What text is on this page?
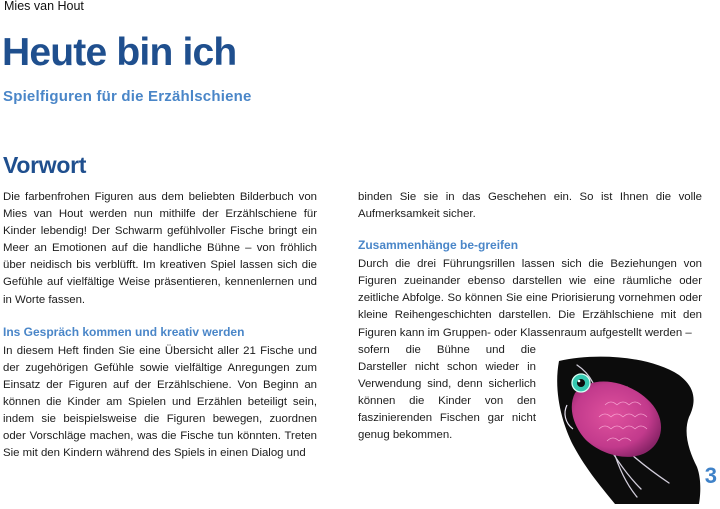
Mies van Hout
Heute bin ich
Spielfiguren für die Erzählschiene
Vorwort

Die farbenfrohen Figuren aus dem beliebten Bilderbuch von Mies van Hout werden nun mithilfe der Erzählschiene für Kinder lebendig! Der Schwarm gefühlvoller Fische bringt ein Meer an Emotionen auf die handliche Bühne – von fröhlich über neidisch bis verblüfft. Im kreativen Spiel lassen sich die Gefühle auf vielfältige Weise präsentieren, kennenlernen und in Worte fassen.

Ins Gespräch kommen und kreativ werden

In diesem Heft finden Sie eine Übersicht aller 21 Fische und der zugehörigen Gefühle sowie vielfältige Anregungen zum Einsatz der Figuren auf der Erzählschiene. Von Beginn an können die Kinder am Spielen und Erzählen beteiligt sein, indem sie beispielsweise die Figuren bewegen, zuordnen oder Vorschläge machen, was die Fische tun könnten. Treten Sie mit den Kindern während des Spiels in einen Dialog und

binden Sie sie in das Geschehen ein. So ist Ihnen die volle Aufmerksamkeit sicher.

Zusammenhänge be-greifen

Durch die drei Führungsrillen lassen sich die Beziehungen von Figuren zueinander ebenso darstellen wie eine räumliche oder zeitliche Abfolge. So können Sie eine Priorisierung vornehmen oder kleine Reihengeschichten darstellen. Die Erzählschiene mit den Figuren kann im Gruppen- oder Klassenraum aufgestellt werden –

sofern die Bühne und die Darsteller nicht schon wieder in Verwendung sind, denn sicherlich können die Kinder von den faszinierenden Fischen gar nicht genug bekommen.

3
